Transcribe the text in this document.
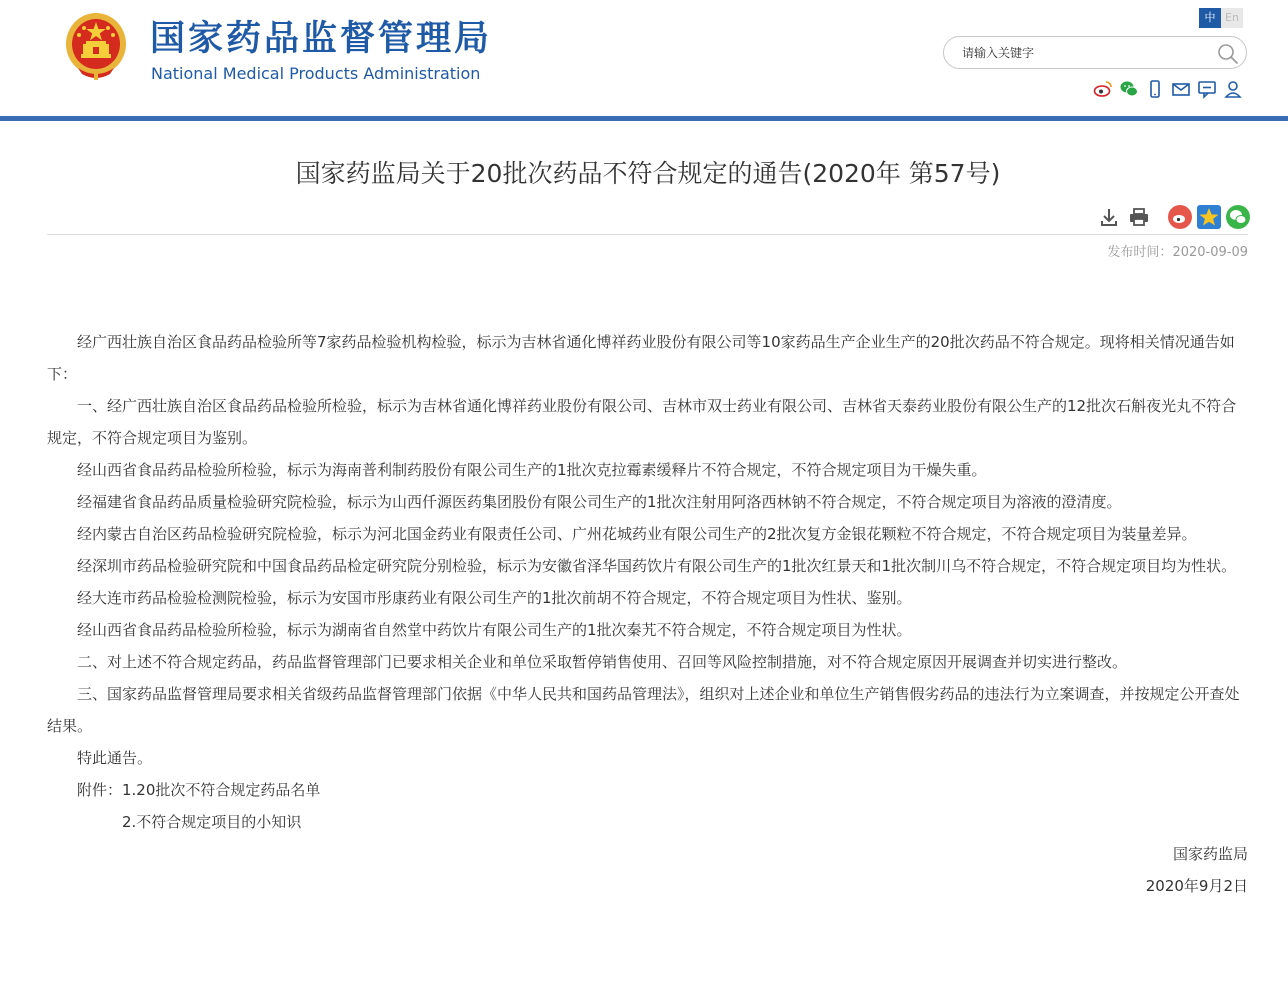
国家药品监督管理局
National Medical Products Administration
中 En
请输入关键字
国家药监局关于20批次药品不符合规定的通告(2020年 第57号)
发布时间：2020-09-09

经广西壮族自治区食品药品检验所等7家药品检验机构检验，标示为吉林省通化博祥药业股份有限公司等10家药品生产企业生产的20批次药品不符合规定。现将相关情况通告如下：

一、经广西壮族自治区食品药品检验所检验，标示为吉林省通化博祥药业股份有限公司、吉林市双士药业有限公司、吉林省天泰药业股份有限公生产的12批次石斛夜光丸不符合规定，不符合规定项目为鉴别。

经山西省食品药品检验所检验，标示为海南普利制药股份有限公司生产的1批次克拉霉素缓释片不符合规定，不符合规定项目为干燥失重。

经福建省食品药品质量检验研究院检验，标示为山西仟源医药集团股份有限公司生产的1批次注射用阿洛西林钠不符合规定，不符合规定项目为溶液的澄清度。

经内蒙古自治区药品检验研究院检验，标示为河北国金药业有限责任公司、广州花城药业有限公司生产的2批次复方金银花颗粒不符合规定，不符合规定项目为装量差异。

经深圳市药品检验研究院和中国食品药品检定研究院分别检验，标示为安徽省泽华国药饮片有限公司生产的1批次红景天和1批次制川乌不符合规定，不符合规定项目均为性状。

经大连市药品检验检测院检验，标示为安国市彤康药业有限公司生产的1批次前胡不符合规定，不符合规定项目为性状、鉴别。

经山西省食品药品检验所检验，标示为湖南省自然堂中药饮片有限公司生产的1批次秦艽不符合规定，不符合规定项目为性状。

二、对上述不符合规定药品，药品监督管理部门已要求相关企业和单位采取暂停销售使用、召回等风险控制措施，对不符合规定原因开展调查并切实进行整改。

三、国家药品监督管理局要求相关省级药品监督管理部门依据《中华人民共和国药品管理法》，组织对上述企业和单位生产销售假劣药品的违法行为立案调查，并按规定公开查处结果。

特此通告。

附件：1.20批次不符合规定药品名单

2.不符合规定项目的小知识

国家药监局

2020年9月2日
